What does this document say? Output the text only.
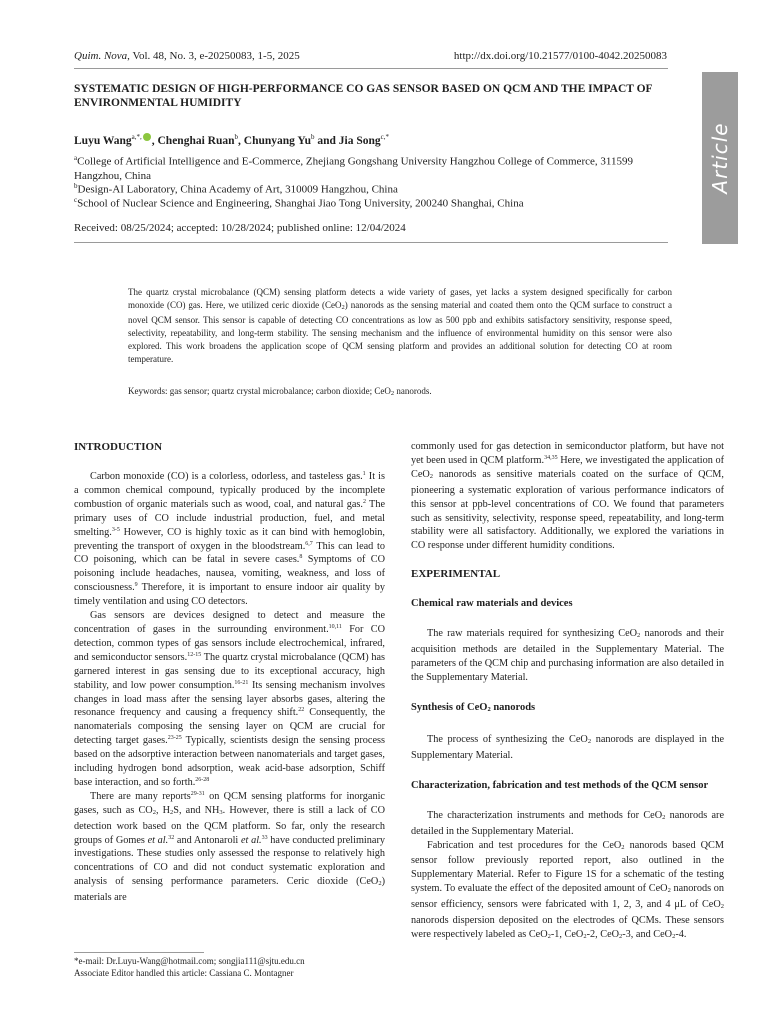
Quim. Nova, Vol. 48, No. 3, e-20250083, 1-5, 2025	http://dx.doi.org/10.21577/0100-4042.20250083
Article
SYSTEMATIC DESIGN OF HIGH-PERFORMANCE CO GAS SENSOR BASED ON QCM AND THE IMPACT OF ENVIRONMENTAL HUMIDITY
Luyu Wang$^{a,*,}$ , Chenghai Ruan$^b$, Chunyang Yu$^b$ and Jia Song$^{c,*}$
$^a$College of Artificial Intelligence and E-Commerce, Zhejiang Gongshang University Hangzhou College of Commerce, 311599 Hangzhou, China
$^b$Design-AI Laboratory, China Academy of Art, 310009 Hangzhou, China
$^c$School of Nuclear Science and Engineering, Shanghai Jiao Tong University, 200240 Shanghai, China
Received: 08/25/2024; accepted: 10/28/2024; published online: 12/04/2024
The quartz crystal microbalance (QCM) sensing platform detects a wide variety of gases, yet lacks a system designed specifically for carbon monoxide (CO) gas. Here, we utilized ceric dioxide (CeO$_2$) nanorods as the sensing material and coated them onto the QCM surface to construct a novel QCM sensor. This sensor is capable of detecting CO concentrations as low as 500 ppb and exhibits satisfactory sensitivity, response speed, selectivity, repeatability, and long-term stability. The sensing mechanism and the influence of environmental humidity on this sensor were also explored. This work broadens the application scope of QCM sensing platform and provides an additional solution for detecting CO at room temperature.
Keywords: gas sensor; quartz crystal microbalance; carbon dioxide; CeO$_2$ nanorods.
INTRODUCTION

Carbon monoxide (CO) is a colorless, odorless, and tasteless gas.$^1$ It is a common chemical compound, typically produced by the incomplete combustion of organic materials such as wood, coal, and natural gas.$^2$ The primary uses of CO include industrial production, fuel, and metal smelting.$^{3-5}$ However, CO is highly toxic as it can bind with hemoglobin, preventing the transport of oxygen in the bloodstream.$^{6,7}$ This can lead to CO poisoning, which can be fatal in severe cases.$^8$ Symptoms of CO poisoning include headaches, nausea, vomiting, weakness, and loss of consciousness.$^9$ Therefore, it is important to ensure indoor air quality by timely ventilation and using CO detectors.

Gas sensors are devices designed to detect and measure the concentration of gases in the surrounding environment.$^{10,11}$ For CO detection, common types of gas sensors include electrochemical, infrared, and semiconductor sensors.$^{12-15}$ The quartz crystal microbalance (QCM) has garnered interest in gas sensing due to its exceptional accuracy, high stability, and low power consumption.$^{16-21}$ Its sensing mechanism involves changes in load mass after the sensing layer absorbs gases, altering the resonance frequency and causing a frequency shift.$^{22}$ Consequently, the nanomaterials composing the sensing layer on QCM are crucial for detecting target gases.$^{23-25}$ Typically, scientists design the sensing process based on the adsorptive interaction between nanomaterials and target gases, including hydrogen bond adsorption, weak acid-base adsorption, Schiff base interaction, and so forth.$^{26-28}$

There are many reports$^{29-31}$ on QCM sensing platforms for inorganic gases, such as $CO_2$, $H_2S$, and $NH_3$. However, there is still a lack of CO detection work based on the QCM platform. So far, only the research groups of Gomes et al.$^{32}$ and Antonaroli et al.$^{33}$ have conducted preliminary investigations. These studies only assessed the response to relatively high concentrations of CO and did not conduct systematic exploration and analysis of sensing performance parameters. Ceric dioxide (CeO$_2$) materials are

commonly used for gas detection in semiconductor platform, but have not yet been used in QCM platform.$^{34,35}$ Here, we investigated the application of CeO$_2$ nanorods as sensitive materials coated on the surface of QCM, pioneering a systematic exploration of various performance indicators of this sensor at ppb-level concentrations of CO. We found that parameters such as sensitivity, selectivity, response speed, repeatability, and long-term stability were all satisfactory. Additionally, we explored the variations in CO response under different humidity conditions.

EXPERIMENTAL
Chemical raw materials and devices

The raw materials required for synthesizing CeO$_2$ nanorods and their acquisition methods are detailed in the Supplementary Material. The parameters of the QCM chip and purchasing information are also detailed in the Supplementary Material.

Synthesis of CeO$_2$ nanorods

The process of synthesizing the CeO$_2$ nanorods are displayed in the Supplementary Material.

Characterization, fabrication and test methods of the QCM sensor

The characterization instruments and methods for CeO$_2$ nanorods are detailed in the Supplementary Material.

Fabrication and test procedures for the CeO$_2$ nanorods based QCM sensor follow previously reported report, also outlined in the Supplementary Material. Refer to Figure 1S for a schematic of the testing system. To evaluate the effect of the deposited amount of CeO$_2$ nanorods on sensor efficiency, sensors were fabricated with 1, 2, 3, and 4 μL of CeO$_2$ nanorods dispersion deposited on the electrodes of QCMs. These sensors were respectively labeled as CeO$_2$-1, CeO$_2$-2, CeO$_2$-3, and CeO$_2$-4.

*e-mail: Dr.Luyu-Wang@hotmail.com; songjia111@sjtu.edu.cn
Associate Editor handled this article: Cassiana C. Montagner
